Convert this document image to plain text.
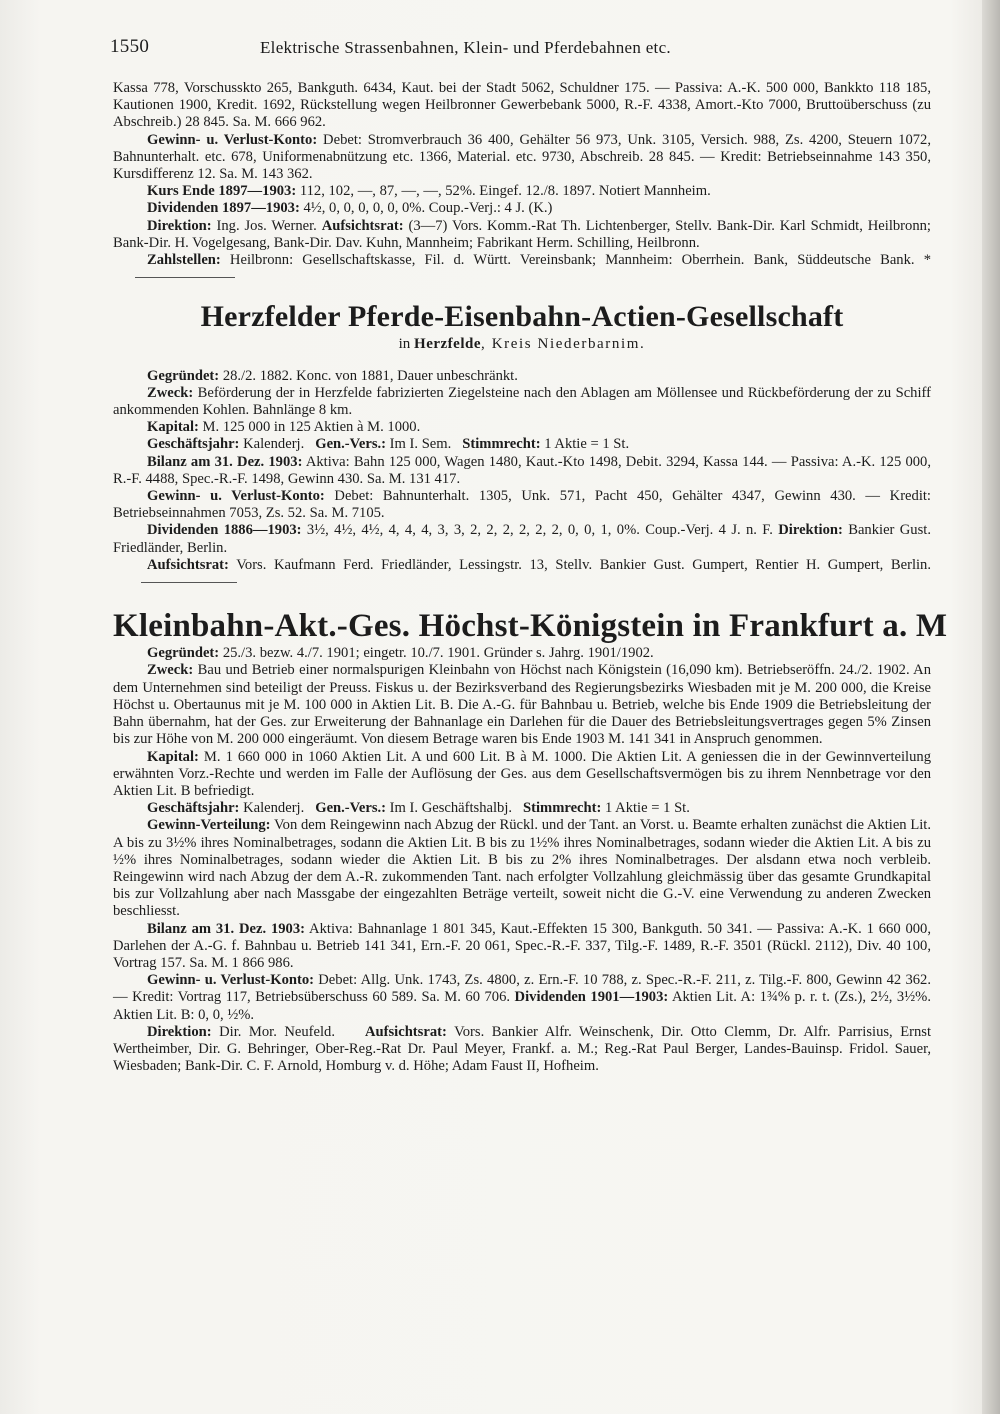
1550	Elektrische Strassenbahnen, Klein- und Pferdebahnen etc.

Kassa 778, Vorschusskto 265, Bankguth. 6434, Kaut. bei der Stadt 5062, Schuldner 175. — Passiva: A.-K. 500 000, Bankkto 118 185, Kautionen 1900, Kredit. 1692, Rückstellung wegen Heilbronner Gewerbebank 5000, R.-F. 4338, Amort.-Kto 7000, Bruttoüberschuss (zu Abschreib.) 28 845. Sa. M. 666 962.

Gewinn- u. Verlust-Konto: Debet: Stromverbrauch 36 400, Gehälter 56 973, Unk. 3105, Versich. 988, Zs. 4200, Steuern 1072, Bahnunterhalt. etc. 678, Uniformenabnützung etc. 1366, Material. etc. 9730, Abschreib. 28 845. — Kredit: Betriebseinnahme 143 350, Kursdifferenz 12. Sa. M. 143 362.

Kurs Ende 1897—1903: 112, 102, —, 87, —, —, 52%. Eingef. 12./8. 1897. Notiert Mannheim.

Dividenden 1897—1903: 4½, 0, 0, 0, 0, 0, 0%. Coup.-Verj.: 4 J. (K.)

Direktion: Ing. Jos. Werner. Aufsichtsrat: (3—7) Vors. Komm.-Rat Th. Lichtenberger, Stellv. Bank-Dir. Karl Schmidt, Heilbronn; Bank-Dir. H. Vogelgesang, Bank-Dir. Dav. Kuhn, Mannheim; Fabrikant Herm. Schilling, Heilbronn.

Zahlstellen: Heilbronn: Gesellschaftskasse, Fil. d. Württ. Vereinsbank; Mannheim: Oberrhein. Bank, Süddeutsche Bank. *

Herzfelder Pferde-Eisenbahn-Actien-Gesellschaft
in Herzfelde, Kreis Niederbarnim.

Gegründet: 28./2. 1882. Konc. von 1881, Dauer unbeschränkt.

Zweck: Beförderung der in Herzfelde fabrizierten Ziegelsteine nach den Ablagen am Möllensee und Rückbeförderung der zu Schiff ankommenden Kohlen. Bahnlänge 8 km.

Kapital: M. 125 000 in 125 Aktien à M. 1000.

Geschäftsjahr: Kalenderj. Gen.-Vers.: Im I. Sem. Stimmrecht: 1 Aktie = 1 St.

Bilanz am 31. Dez. 1903: Aktiva: Bahn 125 000, Wagen 1480, Kaut.-Kto 1498, Debit. 3294, Kassa 144. — Passiva: A.-K. 125 000, R.-F. 4488, Spec.-R.-F. 1498, Gewinn 430. Sa. M. 131 417.

Gewinn- u. Verlust-Konto: Debet: Bahnunterhalt. 1305, Unk. 571, Pacht 450, Gehälter 4347, Gewinn 430. — Kredit: Betriebseinnahmen 7053, Zs. 52. Sa. M. 7105.

Dividenden 1886—1903: 3½, 4½, 4½, 4, 4, 4, 3, 3, 2, 2, 2, 2, 2, 2, 0, 0, 1, 0%. Coup.-Verj. 4 J. n. F. Direktion: Bankier Gust. Friedländer, Berlin.

Aufsichtsrat: Vors. Kaufmann Ferd. Friedländer, Lessingstr. 13, Stellv. Bankier Gust. Gumpert, Rentier H. Gumpert, Berlin.

Kleinbahn-Akt.-Ges. Höchst-Königstein in Frankfurt a. M

Gegründet: 25./3. bezw. 4./7. 1901; eingetr. 10./7. 1901. Gründer s. Jahrg. 1901/1902.

Zweck: Bau und Betrieb einer normalspurigen Kleinbahn von Höchst nach Königstein (16,090 km). Betriebseröffn. 24./2. 1902. An dem Unternehmen sind beteiligt der Preuss. Fiskus u. der Bezirksverband des Regierungsbezirks Wiesbaden mit je M. 200 000, die Kreise Höchst u. Obertaunus mit je M. 100 000 in Aktien Lit. B. Die A.-G. für Bahnbau u. Betrieb, welche bis Ende 1909 die Betriebsleitung der Bahn übernahm, hat der Ges. zur Erweiterung der Bahnanlage ein Darlehen für die Dauer des Betriebsleitungsvertrages gegen 5% Zinsen bis zur Höhe von M. 200 000 eingeräumt. Von diesem Betrage waren bis Ende 1903 M. 141 341 in Anspruch genommen.

Kapital: M. 1 660 000 in 1060 Aktien Lit. A und 600 Lit. B à M. 1000. Die Aktien Lit. A geniessen die in der Gewinnverteilung erwähnten Vorz.-Rechte und werden im Falle der Auflösung der Ges. aus dem Gesellschaftsvermögen bis zu ihrem Nennbetrage vor den Aktien Lit. B befriedigt.

Geschäftsjahr: Kalenderj. Gen.-Vers.: Im I. Geschäftshalbj. Stimmrecht: 1 Aktie = 1 St.

Gewinn-Verteilung: Von dem Reingewinn nach Abzug der Rückl. und der Tant. an Vorst. u. Beamte erhalten zunächst die Aktien Lit. A bis zu 3½% ihres Nominalbetrages, sodann die Aktien Lit. B bis zu 1½% ihres Nominalbetrages, sodann wieder die Aktien Lit. A bis zu ½% ihres Nominalbetrages, sodann wieder die Aktien Lit. B bis zu 2% ihres Nominalbetrages. Der alsdann etwa noch verbleib. Reingewinn wird nach Abzug der dem A.-R. zukommenden Tant. nach erfolgter Vollzahlung gleichmässig über das gesamte Grundkapital bis zur Vollzahlung aber nach Massgabe der eingezahlten Beträge verteilt, soweit nicht die G.-V. eine Verwendung zu anderen Zwecken beschliesst.

Bilanz am 31. Dez. 1903: Aktiva: Bahnanlage 1 801 345, Kaut.-Effekten 15 300, Bankguth. 50 341. — Passiva: A.-K. 1 660 000, Darlehen der A.-G. f. Bahnbau u. Betrieb 141 341, Ern.-F. 20 061, Spec.-R.-F. 337, Tilg.-F. 1489, R.-F. 3501 (Rückl. 2112), Div. 40 100, Vortrag 157. Sa. M. 1 866 986.

Gewinn- u. Verlust-Konto: Debet: Allg. Unk. 1743, Zs. 4800, z. Ern.-F. 10 788, z. Spec.-R.-F. 211, z. Tilg.-F. 800, Gewinn 42 362. — Kredit: Vortrag 117, Betriebsüberschuss 60 589. Sa. M. 60 706. Dividenden 1901—1903: Aktien Lit. A: 1¾% p. r. t. (Zs.), 2½, 3½%. Aktien Lit. B: 0, 0, ½%.

Direktion: Dir. Mor. Neufeld. Aufsichtsrat: Vors. Bankier Alfr. Weinschenk, Dir. Otto Clemm, Dr. Alfr. Parrisius, Ernst Wertheimber, Dir. G. Behringer, Ober-Reg.-Rat Dr. Paul Meyer, Frankf. a. M.; Reg.-Rat Paul Berger, Landes-Bauinsp. Fridol. Sauer, Wiesbaden; Bank-Dir. C. F. Arnold, Homburg v. d. Höhe; Adam Faust II, Hofheim.
